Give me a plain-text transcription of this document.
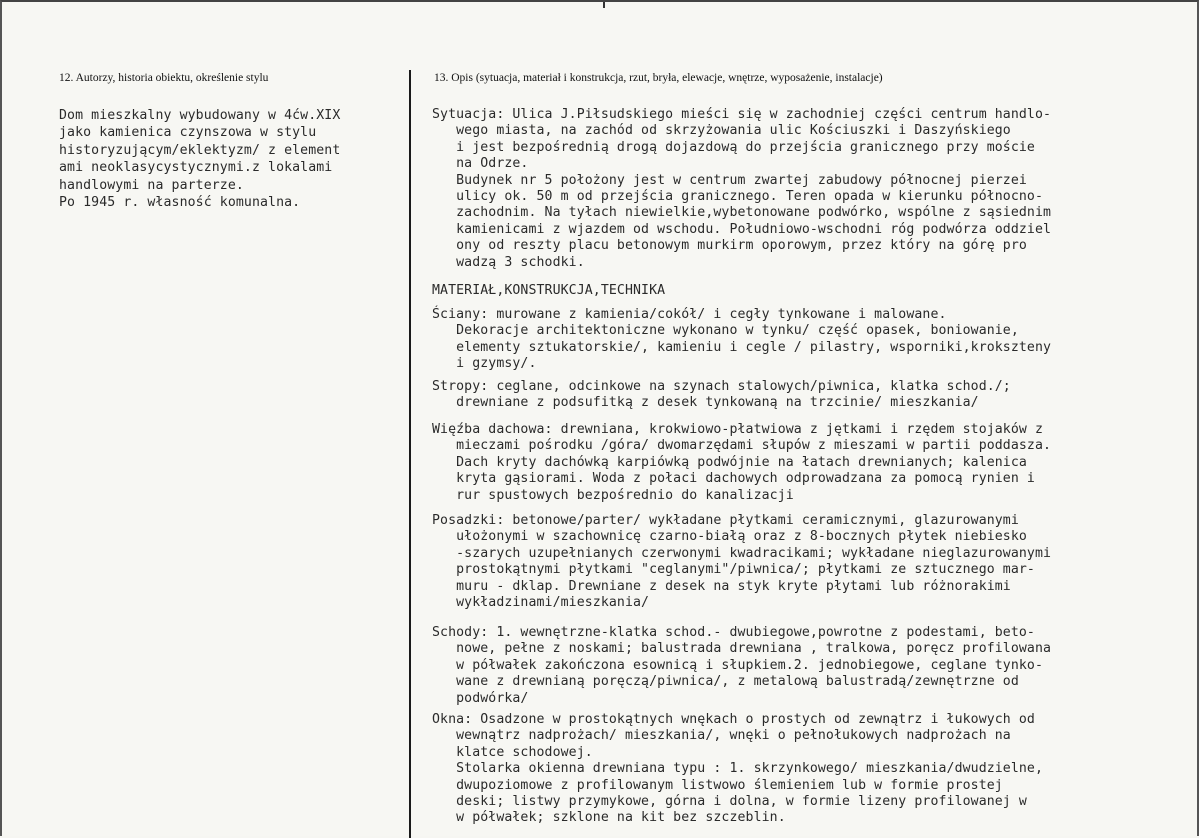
12. Autorzy, historia obiektu, określenie stylu	13. Opis (sytuacja, materiał i konstrukcja, rzut, bryła, elewacje, wnętrze, wyposażenie, instalacje)
Dom mieszkalny wybudowany w 4ćw.XIX
jako kamienica czynszowa w stylu
historyzującym/eklektyzm/ z element
ami neoklasycystycznymi.z lokalami
handlowymi na parterze.
Po 1945 r. własność komunalna.
Sytuacja: Ulica J.Piłsudskiego mieści się w zachodniej części centrum handlo-
wego miasta, na zachód od skrzyżowania ulic Kościuszki i Daszyńskiego
i jest bezpośrednią drogą dojazdową do przejścia granicznego przy moście
na Odrze.
Budynek nr 5 położony jest w centrum zwartej zabudowy północnej pierzei
ulicy ok. 50 m od przejścia granicznego. Teren opada w kierunku północno-
zachodnim. Na tyłach niewielkie,wybetonowane podwórko, wspólne z sąsiednim
kamienicami z wjazdem od wschodu. Południowo-wschodni róg podwórza oddziel
ony od reszty placu betonowym murkirm oporowym, przez który na górę pro
wadzą 3 schodki.
MATERIAŁ,KONSTRUKCJA,TECHNIKA
Ściany: murowane z kamienia/cokół/ i cegły tynkowane i malowane.
Dekoracje architektoniczne wykonano w tynku/ część opasek, boniowanie,
elementy sztukatorskie/, kamieniu i cegle / pilastry, wsporniki,krokszteny
i gzymsy/.
Stropy: ceglane, odcinkowe na szynach stalowych/piwnica, klatka schod./;
drewniane z podsufitką z desek tynkowaną na trzcinie/ mieszkania/
Więźba dachowa: drewniana, krokwiowo-płatwiowa z jętkami i rzędem stojaków z
mieczami pośrodku /góra/ dwomarzędami słupów z mieszami w partii poddasza.
Dach kryty dachówką karpiówką podwójnie na łatach drewnianych; kalenica
kryta gąsiorami. Woda z połaci dachowych odprowadzana za pomocą rynien i
rur spustowych bezpośrednio do kanalizacji
Posadzki: betonowe/parter/ wykładane płytkami ceramicznymi, glazurowanymi
ułożonymi w szachownicę czarno-białą oraz z 8-bocznych płytek niebiesko
-szarych uzupełnianych czerwonymi kwadracikami; wykładane nieglazurowanymi
prostokątnymi płytkami "ceglanymi"/piwnica/; płytkami ze sztucznego mar-
muru - dklap. Drewniane z desek na styk kryte płytami lub różnorakimi
wykładzinami/mieszkania/
Schody: 1. wewnętrzne-klatka schod.- dwubiegowe,powrotne z podestami, beto-
nowe, pełne z noskami; balustrada drewniana , tralkowa, poręcz profilowana
w półwałek zakończona esownicą i słupkiem.2. jednobiegowe, ceglane tynko-
wane z drewnianą poręczą/piwnica/, z metalową balustradą/zewnętrzne od
podwórka/
Okna: Osadzone w prostokątnych wnękach o prostych od zewnątrz i łukowych od
wewnątrz nadprożach/ mieszkania/, wnęki o pełnołukowych nadprożach na
klatce schodowej.
Stolarka okienna drewniana typu : 1. skrzynkowego/ mieszkania/dwudzielne,
dwupoziomowe z profilowanym listwowo ślemieniem lub w formie prostej
deski; listwy przymykowe, górna i dolna, w formie lizeny profilowanej w
w półwałek; szklone na kit bez szczeblin.
